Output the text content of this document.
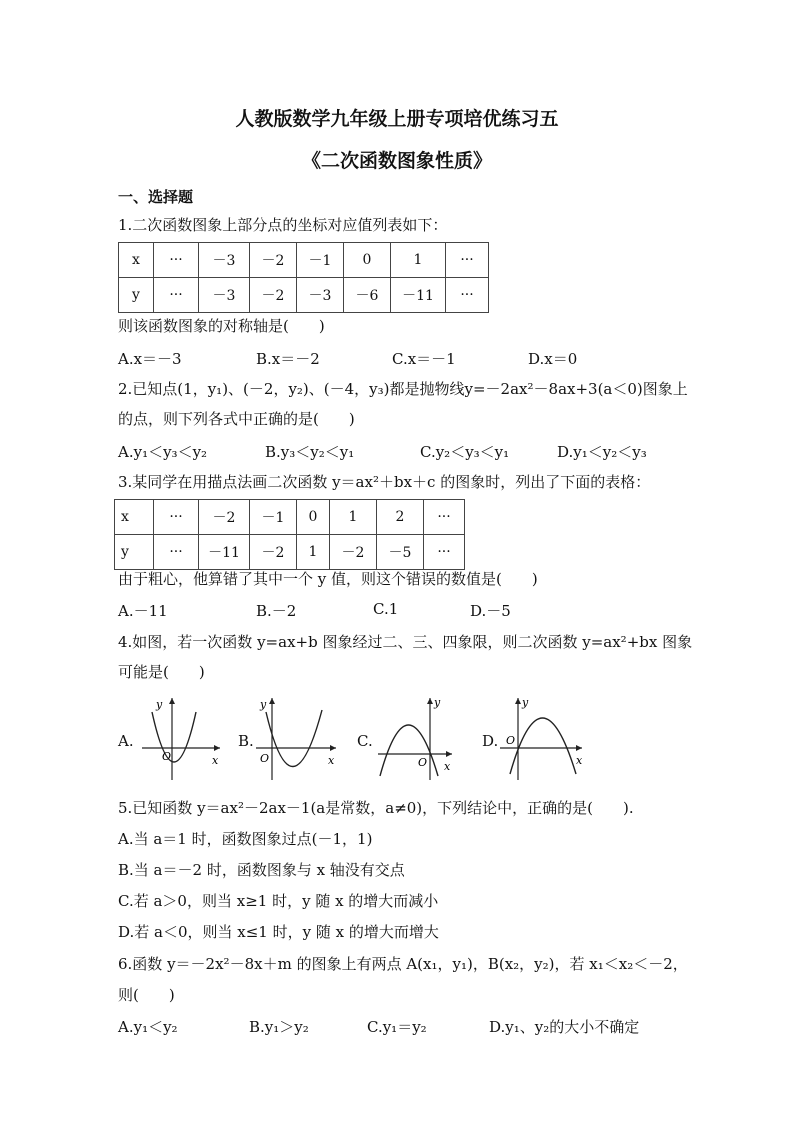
人教版数学九年级上册专项培优练习五
《二次函数图象性质》
一、选择题
1.二次函数图象上部分点的坐标对应值列表如下：
x	···	－3	－2	－1	0	1	···
y	···	－3	－2	－3	－6	－11	···
则该函数图象的对称轴是(　　)
A.x＝－3	B.x＝－2	C.x＝－1	D.x＝0
2.已知点(1，y₁)、(－2，y₂)、(－4，y₃)都是抛物线y=－2ax²－8ax+3(a＜0)图象上
的点，则下列各式中正确的是(　　)
A.y₁＜y₃＜y₂	B.y₃＜y₂＜y₁	C.y₂＜y₃＜y₁	D.y₁＜y₂＜y₃
3.某同学在用描点法画二次函数 y＝ax²＋bx＋c 的图象时，列出了下面的表格：
x	···	－2	－1	0	1	2	···
y	···	－11	－2	1	－2	－5	···
由于粗心，他算错了其中一个 y 值，则这个错误的数值是(　　)
A.－11	B.－2	C.1	D.－5
4.如图，若一次函数 y=ax+b 图象经过二、三、四象限，则二次函数 y=ax²+bx 图象
可能是(　　)
A.
y
x
O
B.
y
x
O
C.
y
x
O
D.
y
x
O
5.已知函数 y＝ax²－2ax－1(a是常数，a≠0)，下列结论中，正确的是(　　).
A.当 a＝1 时，函数图象过点(－1，1)
B.当 a＝－2 时，函数图象与 x 轴没有交点
C.若 a＞0，则当 x≥1 时，y 随 x 的增大而减小
D.若 a＜0，则当 x≤1 时，y 随 x 的增大而增大
6.函数 y＝－2x²－8x＋m 的图象上有两点 A(x₁，y₁)，B(x₂，y₂)，若 x₁＜x₂＜－2，
则(　　)
A.y₁＜y₂	B.y₁＞y₂	C.y₁＝y₂	D.y₁、y₂的大小不确定
